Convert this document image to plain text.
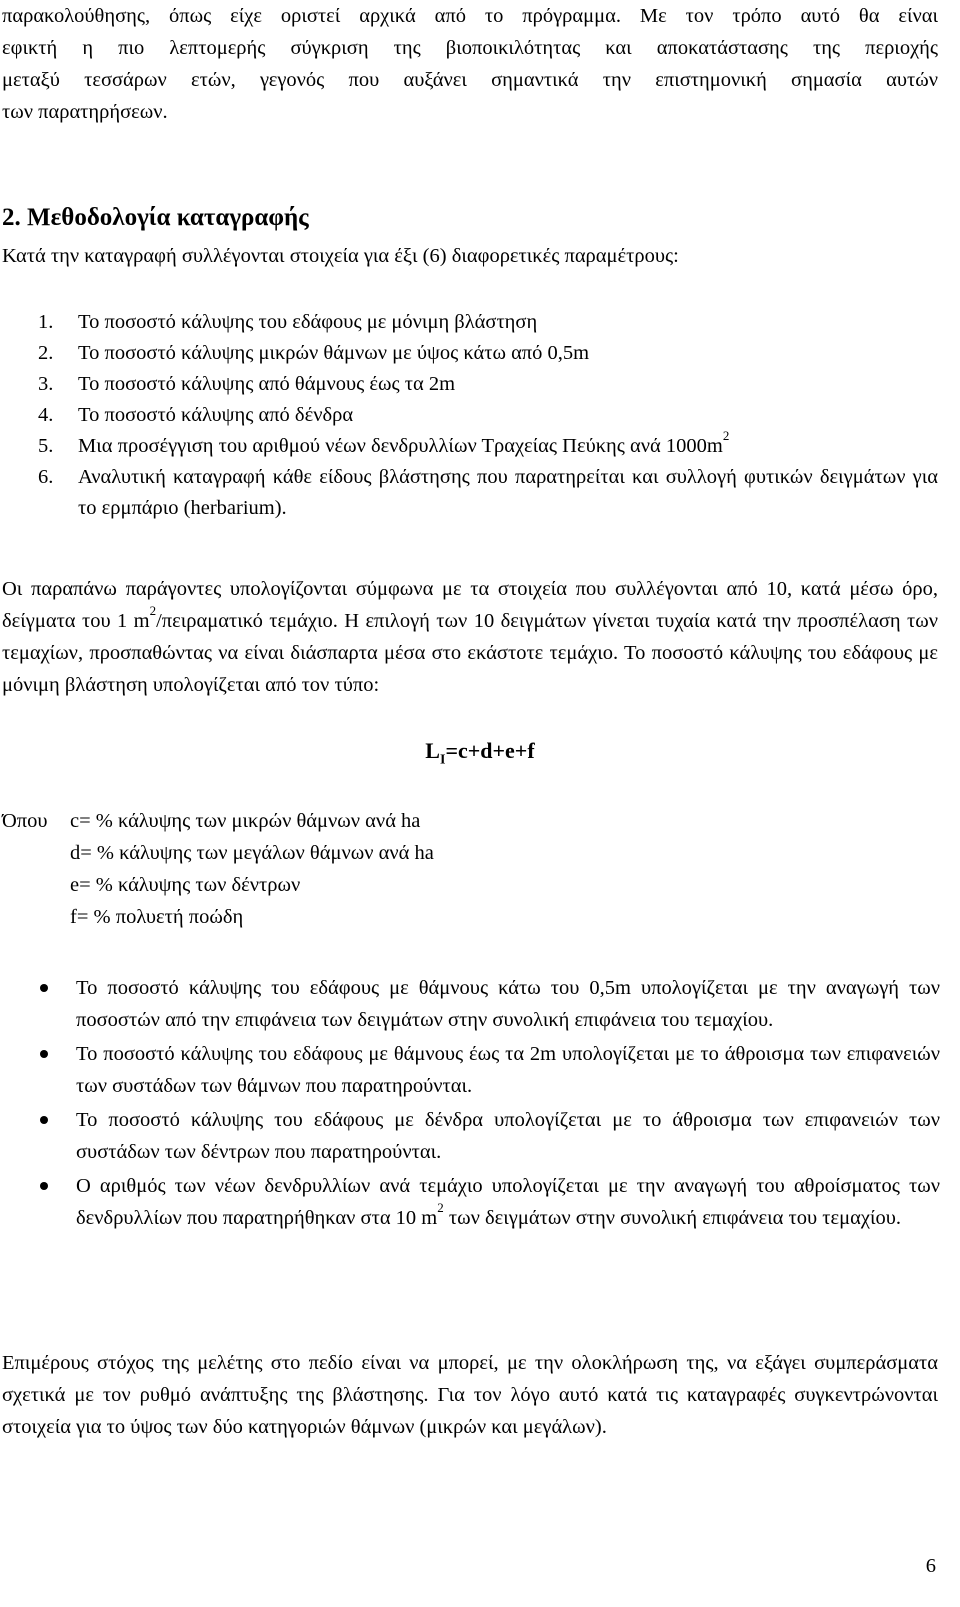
παρακολούθησης, όπως είχε οριστεί αρχικά από το πρόγραμμα. Με τον τρόπο αυτό θα είναι
εφικτή η πιο λεπτομερής σύγκριση της βιοποικιλότητας και αποκατάστασης της περιοχής
μεταξύ τεσσάρων ετών, γεγονός που αυξάνει σημαντικά την επιστημονική σημασία αυτών
των παρατηρήσεων.
2. Μεθοδολογία καταγραφής
Κατά την καταγραφή συλλέγονται στοιχεία για έξι (6) διαφορετικές παραμέτρους:
1. Το ποσοστό κάλυψης του εδάφους με μόνιμη βλάστηση
2. Το ποσοστό κάλυψης μικρών θάμνων με ύψος κάτω από 0,5m
3. Το ποσοστό κάλυψης από θάμνους έως τα 2m
4. Το ποσοστό κάλυψης από δένδρα
5. Μια προσέγγιση του αριθμού νέων δενδρυλλίων Τραχείας Πεύκης ανά $1000m^2$
6. Αναλυτική καταγραφή κάθε είδους βλάστησης που παρατηρείται και συλλογή φυτικών δειγμάτων για το ερμπάριο (herbarium).

Οι παραπάνω παράγοντες υπολογίζονται σύμφωνα με τα στοιχεία που συλλέγονται από 10, κατά μέσω όρο, δείγματα του 1 $m^2$/πειραματικό τεμάχιο. Η επιλογή των 10 δειγμάτων γίνεται τυχαία κατά την προσπέλαση των τεμαχίων, προσπαθώντας να είναι διάσπαρτα μέσα στο εκάστοτε τεμάχιο. Το ποσοστό κάλυψης του εδάφους με μόνιμη βλάστηση υπολογίζεται από τον τύπο:

$L_I=c+d+e+f$
Όπου c= % κάλυψης των μικρών θάμνων ανά ha
d= % κάλυψης των μεγάλων θάμνων ανά ha
e= % κάλυψης των δέντρων
f= % πολυετή ποώδη
Το ποσοστό κάλυψης του εδάφους με θάμνους κάτω του 0,5m υπολογίζεται με την αναγωγή των ποσοστών από την επιφάνεια των δειγμάτων στην συνολική επιφάνεια του τεμαχίου.
Το ποσοστό κάλυψης του εδάφους με θάμνους έως τα 2m υπολογίζεται με το άθροισμα των επιφανειών των συστάδων των θάμνων που παρατηρούνται.
Το ποσοστό κάλυψης του εδάφους με δένδρα υπολογίζεται με το άθροισμα των επιφανειών των συστάδων των δέντρων που παρατηρούνται.
Ο αριθμός των νέων δενδρυλλίων ανά τεμάχιο υπολογίζεται με την αναγωγή του αθροίσματος των δενδρυλλίων που παρατηρήθηκαν στα 10 $m^2$ των δειγμάτων στην συνολική επιφάνεια του τεμαχίου.

Επιμέρους στόχος της μελέτης στο πεδίο είναι να μπορεί, με την ολοκλήρωση της, να εξάγει συμπεράσματα σχετικά με τον ρυθμό ανάπτυξης της βλάστησης. Για τον λόγο αυτό κατά τις καταγραφές συγκεντρώνονται στοιχεία για το ύψος των δύο κατηγοριών θάμνων (μικρών και μεγάλων).

6
